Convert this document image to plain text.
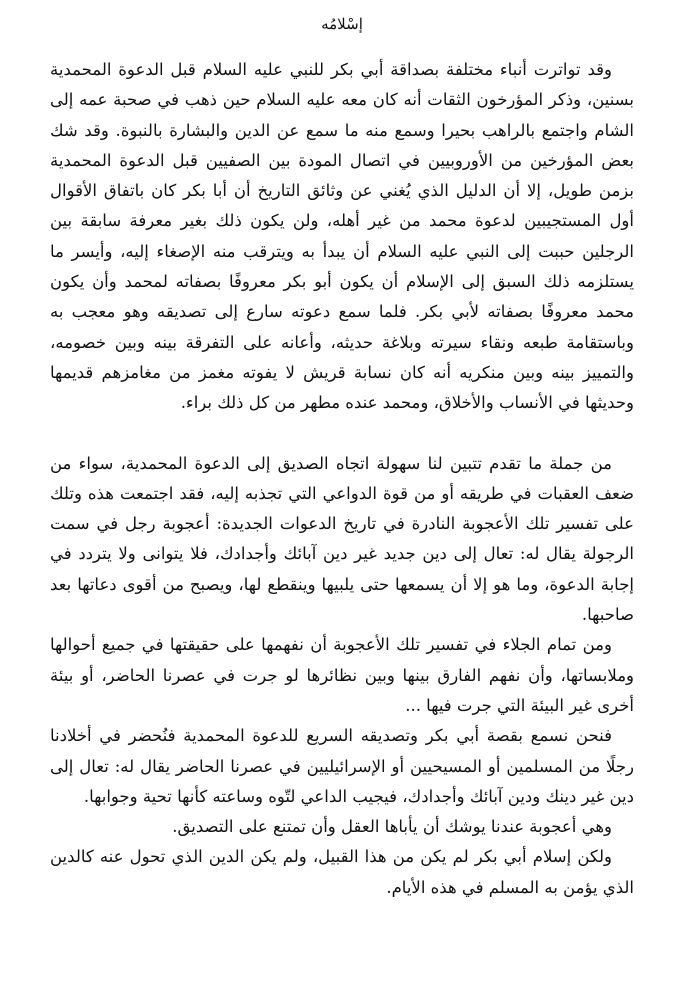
إسْلامُه

وقد تواترت أنباء مختلفة بصداقة أبي بكر للنبي عليه السلام قبل الدعوة المحمدية بسنين، وذكر المؤرخون الثقات أنه كان معه عليه السلام حين ذهب في صحبة عمه إلى الشام واجتمع بالراهب بحيرا وسمع منه ما سمع عن الدين والبشارة بالنبوة. وقد شك بعض المؤرخين من الأوروبيين في اتصال المودة بين الصفيين قبل الدعوة المحمدية بزمن طويل، إلا أن الدليل الذي يُغني عن وثائق التاريخ أن أبا بكر كان باتفاق الأقوال أول المستجيبين لدعوة محمد من غير أهله، ولن يكون ذلك بغير معرفة سابقة بين الرجلين حببت إلى النبي عليه السلام أن يبدأ به ويترقب منه الإصغاء إليه، وأيسر ما يستلزمه ذلك السبق إلى الإسلام أن يكون أبو بكر معروفًا بصفاته لمحمد وأن يكون محمد معروفًا بصفاته لأبي بكر. فلما سمع دعوته سارع إلى تصديقه وهو معجب به وباستقامة طبعه ونقاء سيرته وبلاغة حديثه، وأعانه على التفرقة بينه وبين خصومه، والتمييز بينه وبين منكريه أنه كان نسابة قريش لا يفوته مغمز من مغامزهم قديمها وحديثها في الأنساب والأخلاق، ومحمد عنده مطهر من كل ذلك براء.

من جملة ما تقدم تتبين لنا سهولة اتجاه الصديق إلى الدعوة المحمدية، سواء من ضعف العقبات في طريقه أو من قوة الدواعي التي تجذبه إليه، فقد اجتمعت هذه وتلك على تفسير تلك الأعجوبة النادرة في تاريخ الدعوات الجديدة: أعجوبة رجل في سمت الرجولة يقال له: تعال إلى دين جديد غير دين آبائك وأجدادك، فلا يتوانى ولا يتردد في إجابة الدعوة، وما هو إلا أن يسمعها حتى يلبيها وينقطع لها، ويصبح من أقوى دعاتها بعد صاحبها.

ومن تمام الجلاء في تفسير تلك الأعجوبة أن نفهمها على حقيقتها في جميع أحوالها وملابساتها، وأن نفهم الفارق بينها وبين نظائرها لو جرت في عصرنا الحاضر، أو بيئة أخرى غير البيئة التي جرت فيها ...

فنحن نسمع بقصة أبي بكر وتصديقه السريع للدعوة المحمدية فنُحضر في أخلادنا رجلًا من المسلمين أو المسيحيين أو الإسرائيليين في عصرنا الحاضر يقال له: تعال إلى دين غير دينك ودين آبائك وأجدادك، فيجيب الداعي لتّوه وساعته كأنها تحية وجوابها.

وهي أعجوبة عندنا يوشك أن يأباها العقل وأن تمتنع على التصديق.

ولكن إسلام أبي بكر لم يكن من هذا القبيل، ولم يكن الدين الذي تحول عنه كالدين الذي يؤمن به المسلم في هذه الأيام.
